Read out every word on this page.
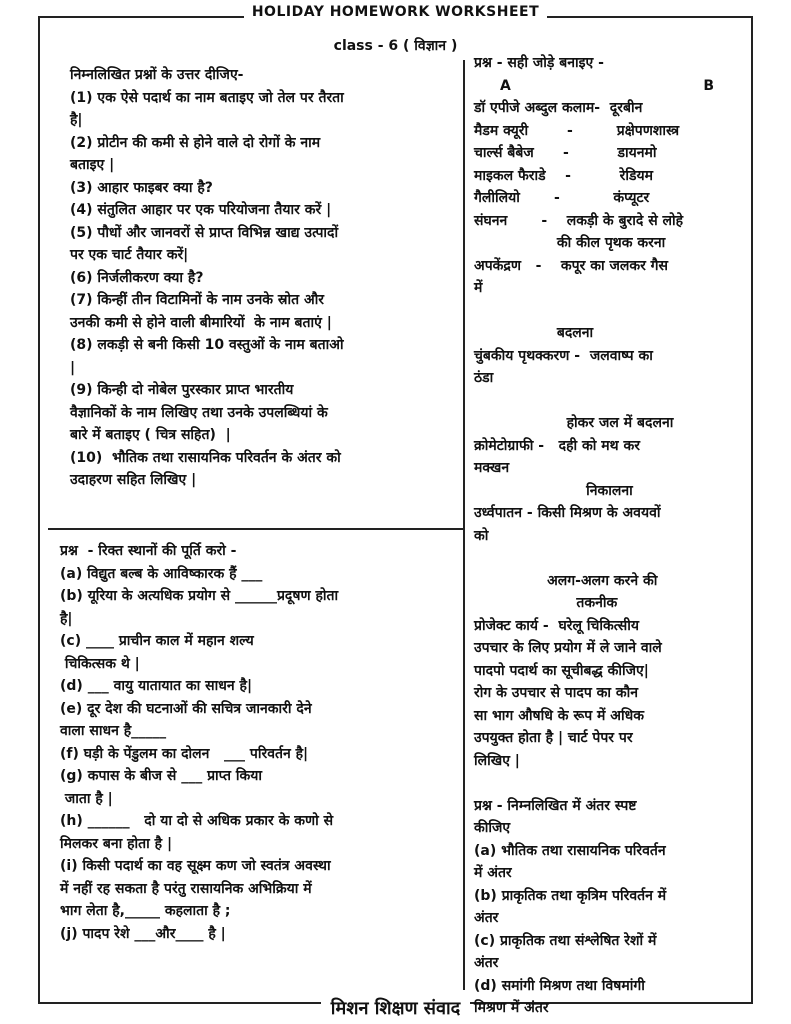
HOLIDAY HOMEWORK WORKSHEET
class - 6 ( विज्ञान )
निम्नलिखित प्रश्नों के उत्तर दीजिए-
(1) एक ऐसे पदार्थ का नाम बताइए जो तेल पर तैरता
है|
(2) प्रोटीन की कमी से होने वाले दो रोगों के नाम
बताइए |
(3) आहार फाइबर क्या है?
(4) संतुलित आहार पर एक परियोजना तैयार करें |
(5) पौधों और जानवरों से प्राप्त विभिन्न खाद्य उत्पादों
पर एक चार्ट तैयार करें|
(6) निर्जलीकरण क्या है?
(7) किन्हीं तीन विटामिनों के नाम उनके स्रोत और
उनकी कमी से होने वाली बीमारियों  के नाम बताएं |
(8) लकड़ी से बनी किसी 10 वस्तुओं के नाम बताओ
|
(9) किन्ही दो नोबेल पुरस्कार प्राप्त भारतीय
वैज्ञानिकों के नाम लिखिए तथा उनके उपलब्धियां के
बारे में बताइए ( चित्र सहित)  |
(10)  भौतिक तथा रासायनिक परिवर्तन के अंतर को
उदाहरण सहित लिखिए |
प्रश्न  - रिक्त स्थानों की पूर्ति करो -
(a) विद्युत बल्ब के आविष्कारक हैं ___
(b) यूरिया के अत्यधिक प्रयोग से ______प्रदूषण होता
है|
(c) ____ प्राचीन काल में महान शल्य
चिकित्सक थे |
(d) ___ वायु यातायात का साधन है|
(e) दूर देश की घटनाओं की सचित्र जानकारी देने
वाला साधन है_____
(f) घड़ी के पेंडुलम का दोलन   ___ परिवर्तन है|
(g) कपास के बीज से ___ प्राप्त किया
जाता है |
(h) ______   दो या दो से अधिक प्रकार के कणो से
मिलकर बना होता है |
(i) किसी पदार्थ का वह सूक्ष्म कण जो स्वतंत्र अवस्था
में नहीं रह सकता है परंतु रासायनिक अभिक्रिया में
भाग लेता है,_____ कहलाता है ;
(j) पादप रेशे ___और____ है |
प्रश्न - सही जोड़े बनाइए -
A	B
डॉ एपीजे अब्दुल कलाम-  दूरबीन
मैडम क्यूरी        -         प्रक्षेपणशास्त्र
चार्ल्स बैबेज      -          डायनमो
माइकल फैराडे    -          रेडियम
गैलीलियो       -           कंप्यूटर
संघनन       -    लकड़ी के बुरादे से लोहे
की कील पृथक करना
अपकेंद्रण   -    कपूर का जलकर गैस
में
बदलना
चुंबकीय पृथक्करण -  जलवाष्प का
ठंडा
होकर जल में बदलना
क्रोमेटोग्राफी -   दही को मथ कर
मक्खन
निकालना
उर्ध्वपातन - किसी मिश्रण के अवयवों
को
अलग-अलग करने की
तकनीक
प्रोजेक्ट कार्य -  घरेलू चिकित्सीय
उपचार के लिए प्रयोग में ले जाने वाले
पादपो पदार्थ का सूचीबद्ध कीजिए|
रोग के उपचार से पादप का कौन
सा भाग औषधि के रूप में अधिक
उपयुक्त होता है | चार्ट पेपर पर
लिखिए |
प्रश्न - निम्नलिखित में अंतर स्पष्ट
कीजिए
(a) भौतिक तथा रासायनिक परिवर्तन
में अंतर
(b) प्राकृतिक तथा कृत्रिम परिवर्तन में
अंतर
(c) प्राकृतिक तथा संश्लेषित रेशों में
अंतर
(d) समांगी मिश्रण तथा विषमांगी
मिश्रण में अंतर
मिशन शिक्षण संवाद
